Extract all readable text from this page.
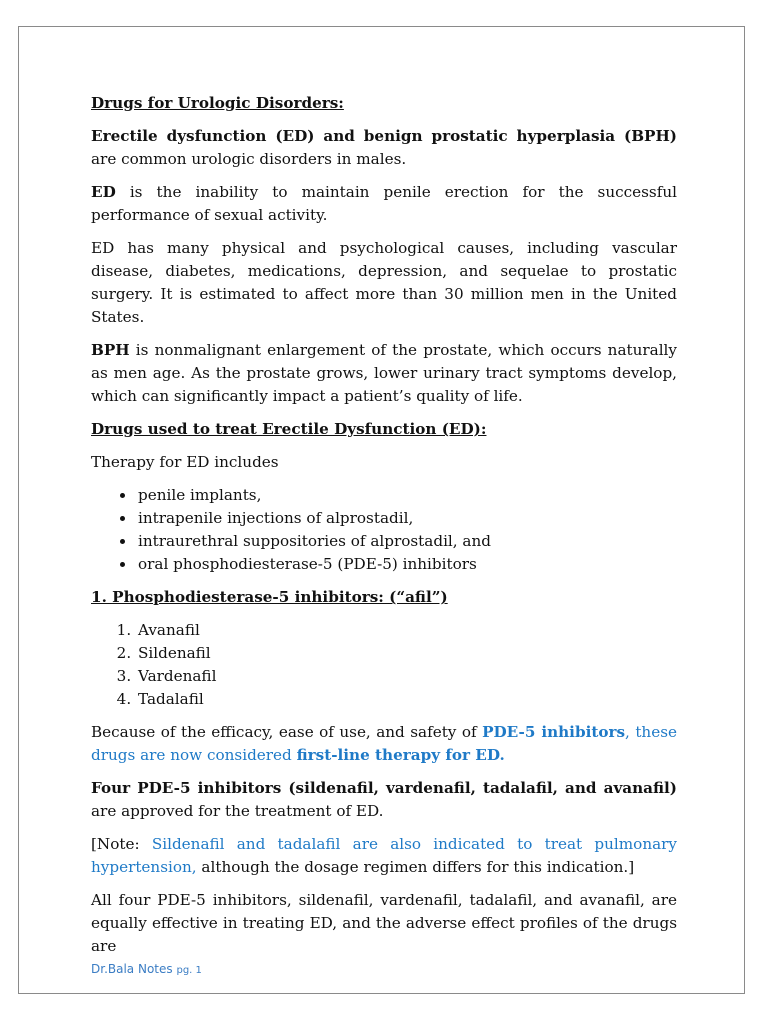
Drugs for Urologic Disorders:

Erectile dysfunction (ED) and benign prostatic hyperplasia (BPH) are common urologic disorders in males.

ED is the inability to maintain penile erection for the successful performance of sexual activity.

ED has many physical and psychological causes, including vascular disease, diabetes, medications, depression, and sequelae to prostatic surgery. It is estimated to affect more than 30 million men in the United States.

BPH is nonmalignant enlargement of the prostate, which occurs naturally as men age. As the prostate grows, lower urinary tract symptoms develop, which can significantly impact a patient’s quality of life.

Drugs used to treat Erectile Dysfunction (ED):

Therapy for ED includes

• penile implants,
• intrapenile injections of alprostadil,
• intraurethral suppositories of alprostadil, and
• oral phosphodiesterase-5 (PDE-5) inhibitors

1. Phosphodiesterase-5 inhibitors: (“afil”)

1. Avanafil
2. Sildenafil
3. Vardenafil
4. Tadalafil

Because of the efficacy, ease of use, and safety of PDE-5 inhibitors, these drugs are now considered first-line therapy for ED.

Four PDE-5 inhibitors (sildenafil, vardenafil, tadalafil, and avanafil) are approved for the treatment of ED.

[Note: Sildenafil and tadalafil are also indicated to treat pulmonary hypertension, although the dosage regimen differs for this indication.]

All four PDE-5 inhibitors, sildenafil, vardenafil, tadalafil, and avanafil, are equally effective in treating ED, and the adverse effect profiles of the drugs are

Dr.Bala Notes pg. 1
